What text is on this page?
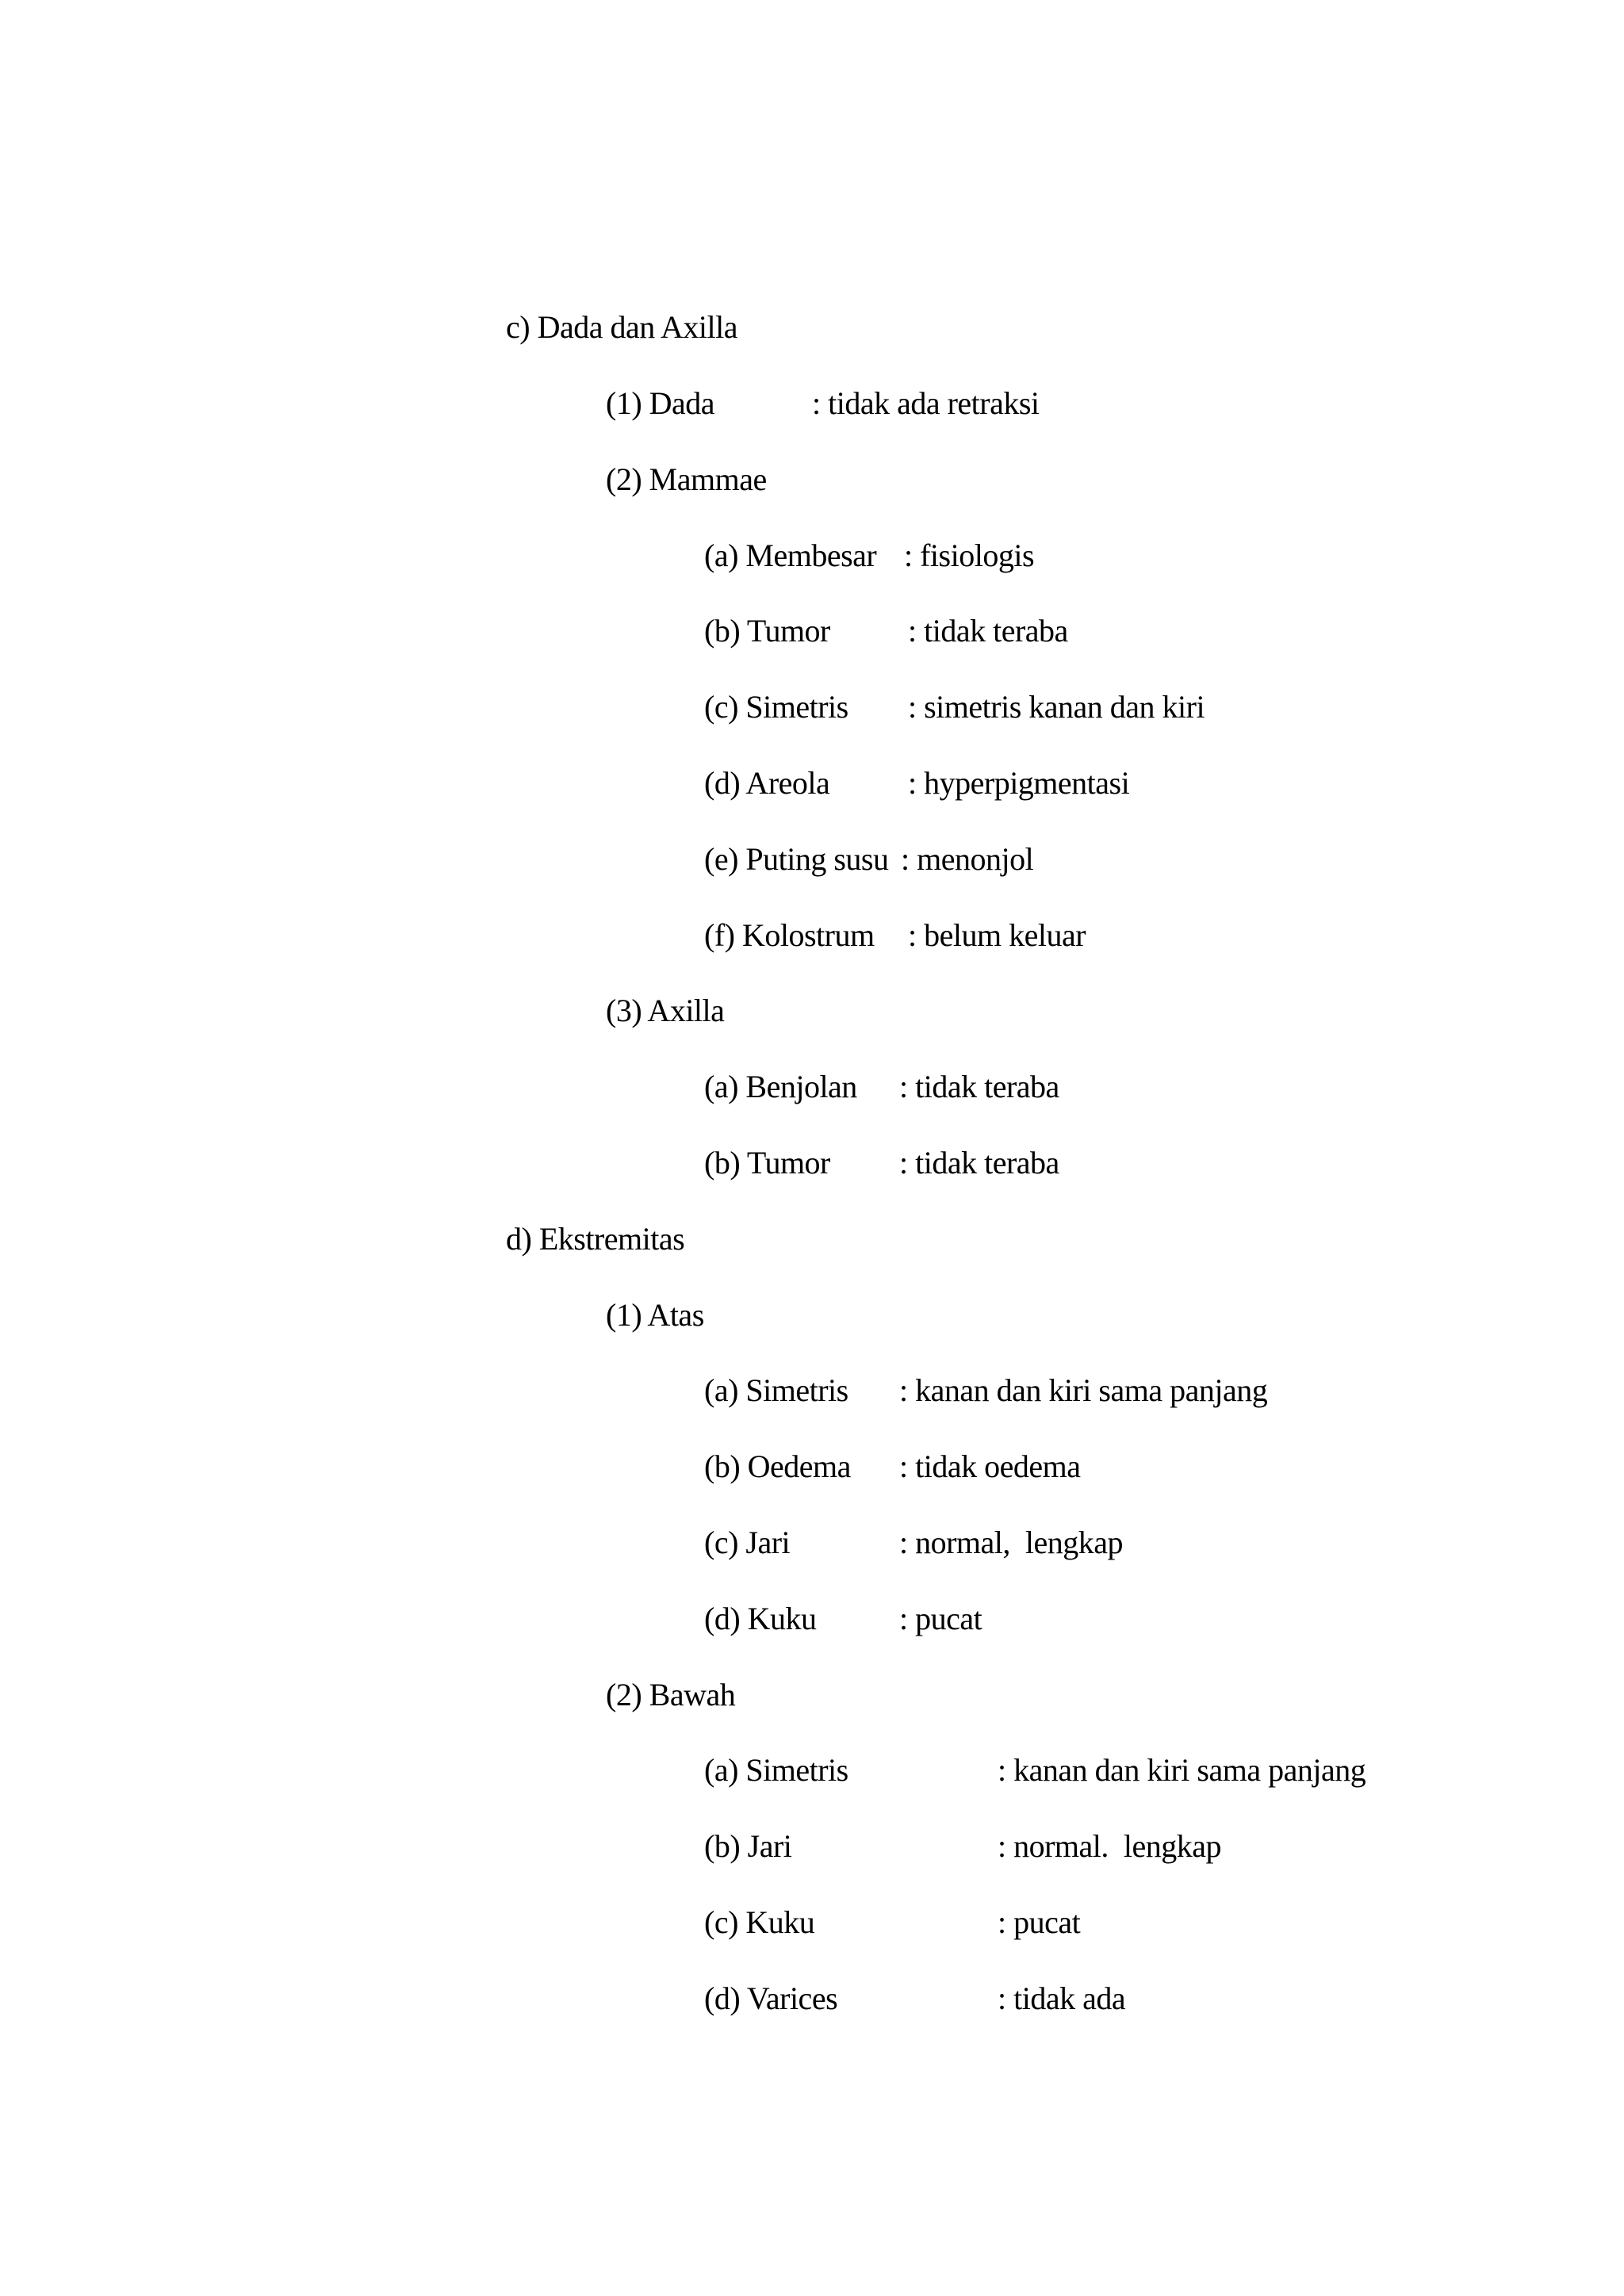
c) Dada dan Axilla
(1) Dada	: tidak ada retraksi
(2) Mammae
(a) Membesar : fisiologis
(b) Tumor : tidak teraba
(c) Simetris : simetris kanan dan kiri
(d) Areola : hyperpigmentasi
(e) Puting susu : menonjol
(f) Kolostrum : belum keluar
(3) Axilla
(a) Benjolan : tidak teraba
(b) Tumor : tidak teraba
d) Ekstremitas
(1) Atas
(a) Simetris : kanan dan kiri sama panjang
(b) Oedema : tidak oedema
(c) Jari	: normal,  lengkap
(d) Kuku	: pucat
(2) Bawah
(a) Simetris	: kanan dan kiri sama panjang
(b) Jari	: normal.  lengkap
(c) Kuku	: pucat
(d) Varices	: tidak ada
